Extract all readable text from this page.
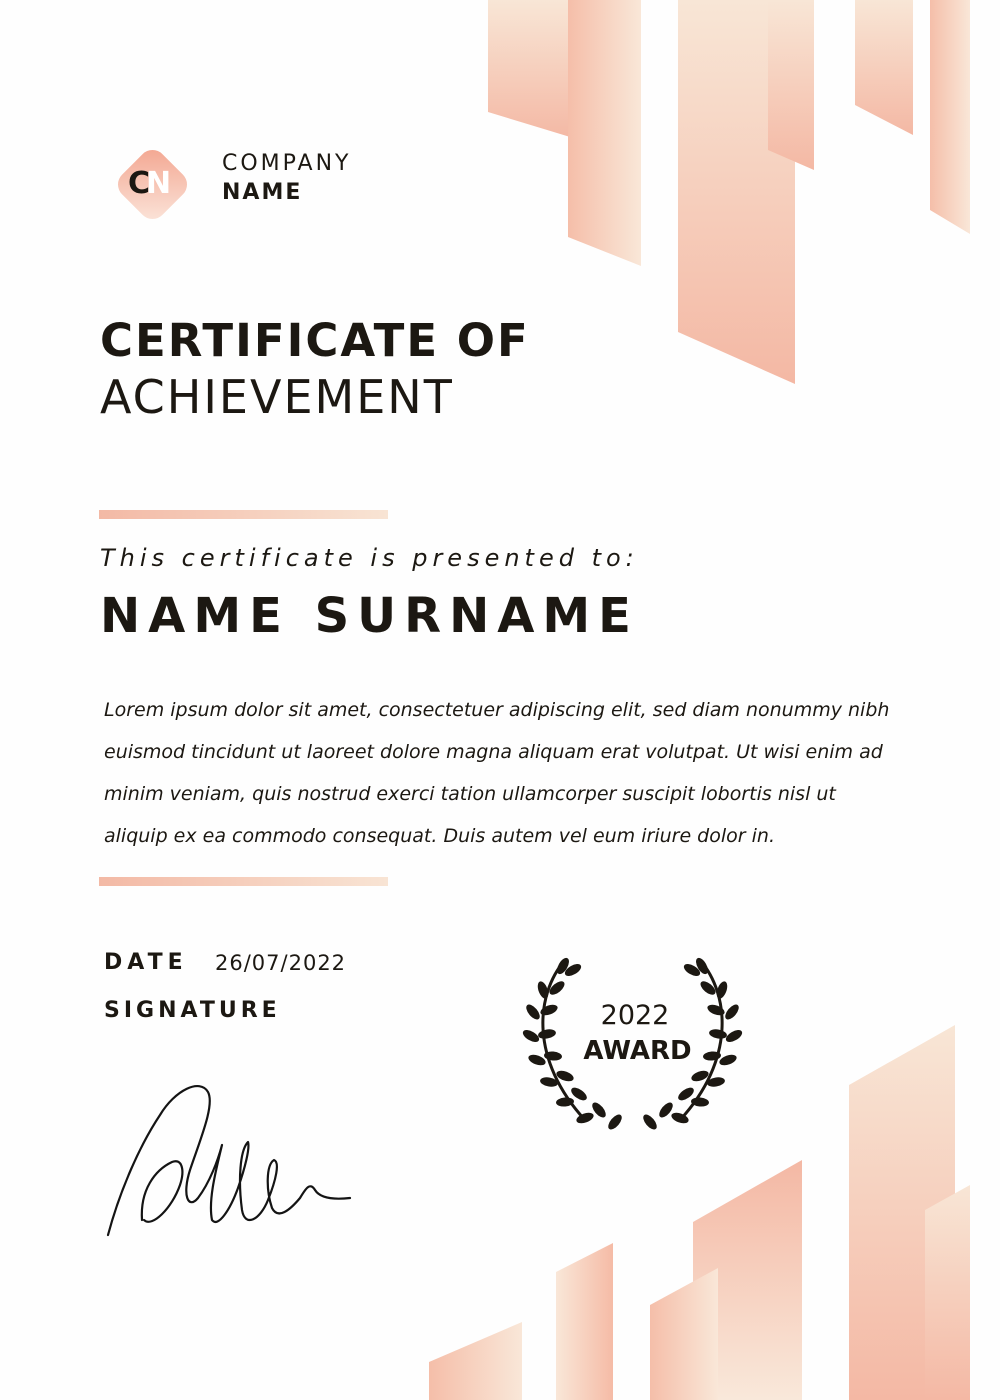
CN
COMPANY
NAME
CERTIFICATE OF
ACHIEVEMENT
This certificate is presented to:
NAME SURNAME
Lorem ipsum dolor sit amet, consectetuer adipiscing elit, sed diam nonummy nibh euismod tincidunt ut laoreet dolore magna aliquam erat volutpat. Ut wisi enim ad minim veniam, quis nostrud exerci tation ullamcorper suscipit lobortis nisl ut aliquip ex ea commodo consequat. Duis autem vel eum iriure dolor in.
DATE 26/07/2022
SIGNATURE	2022
AWARD
